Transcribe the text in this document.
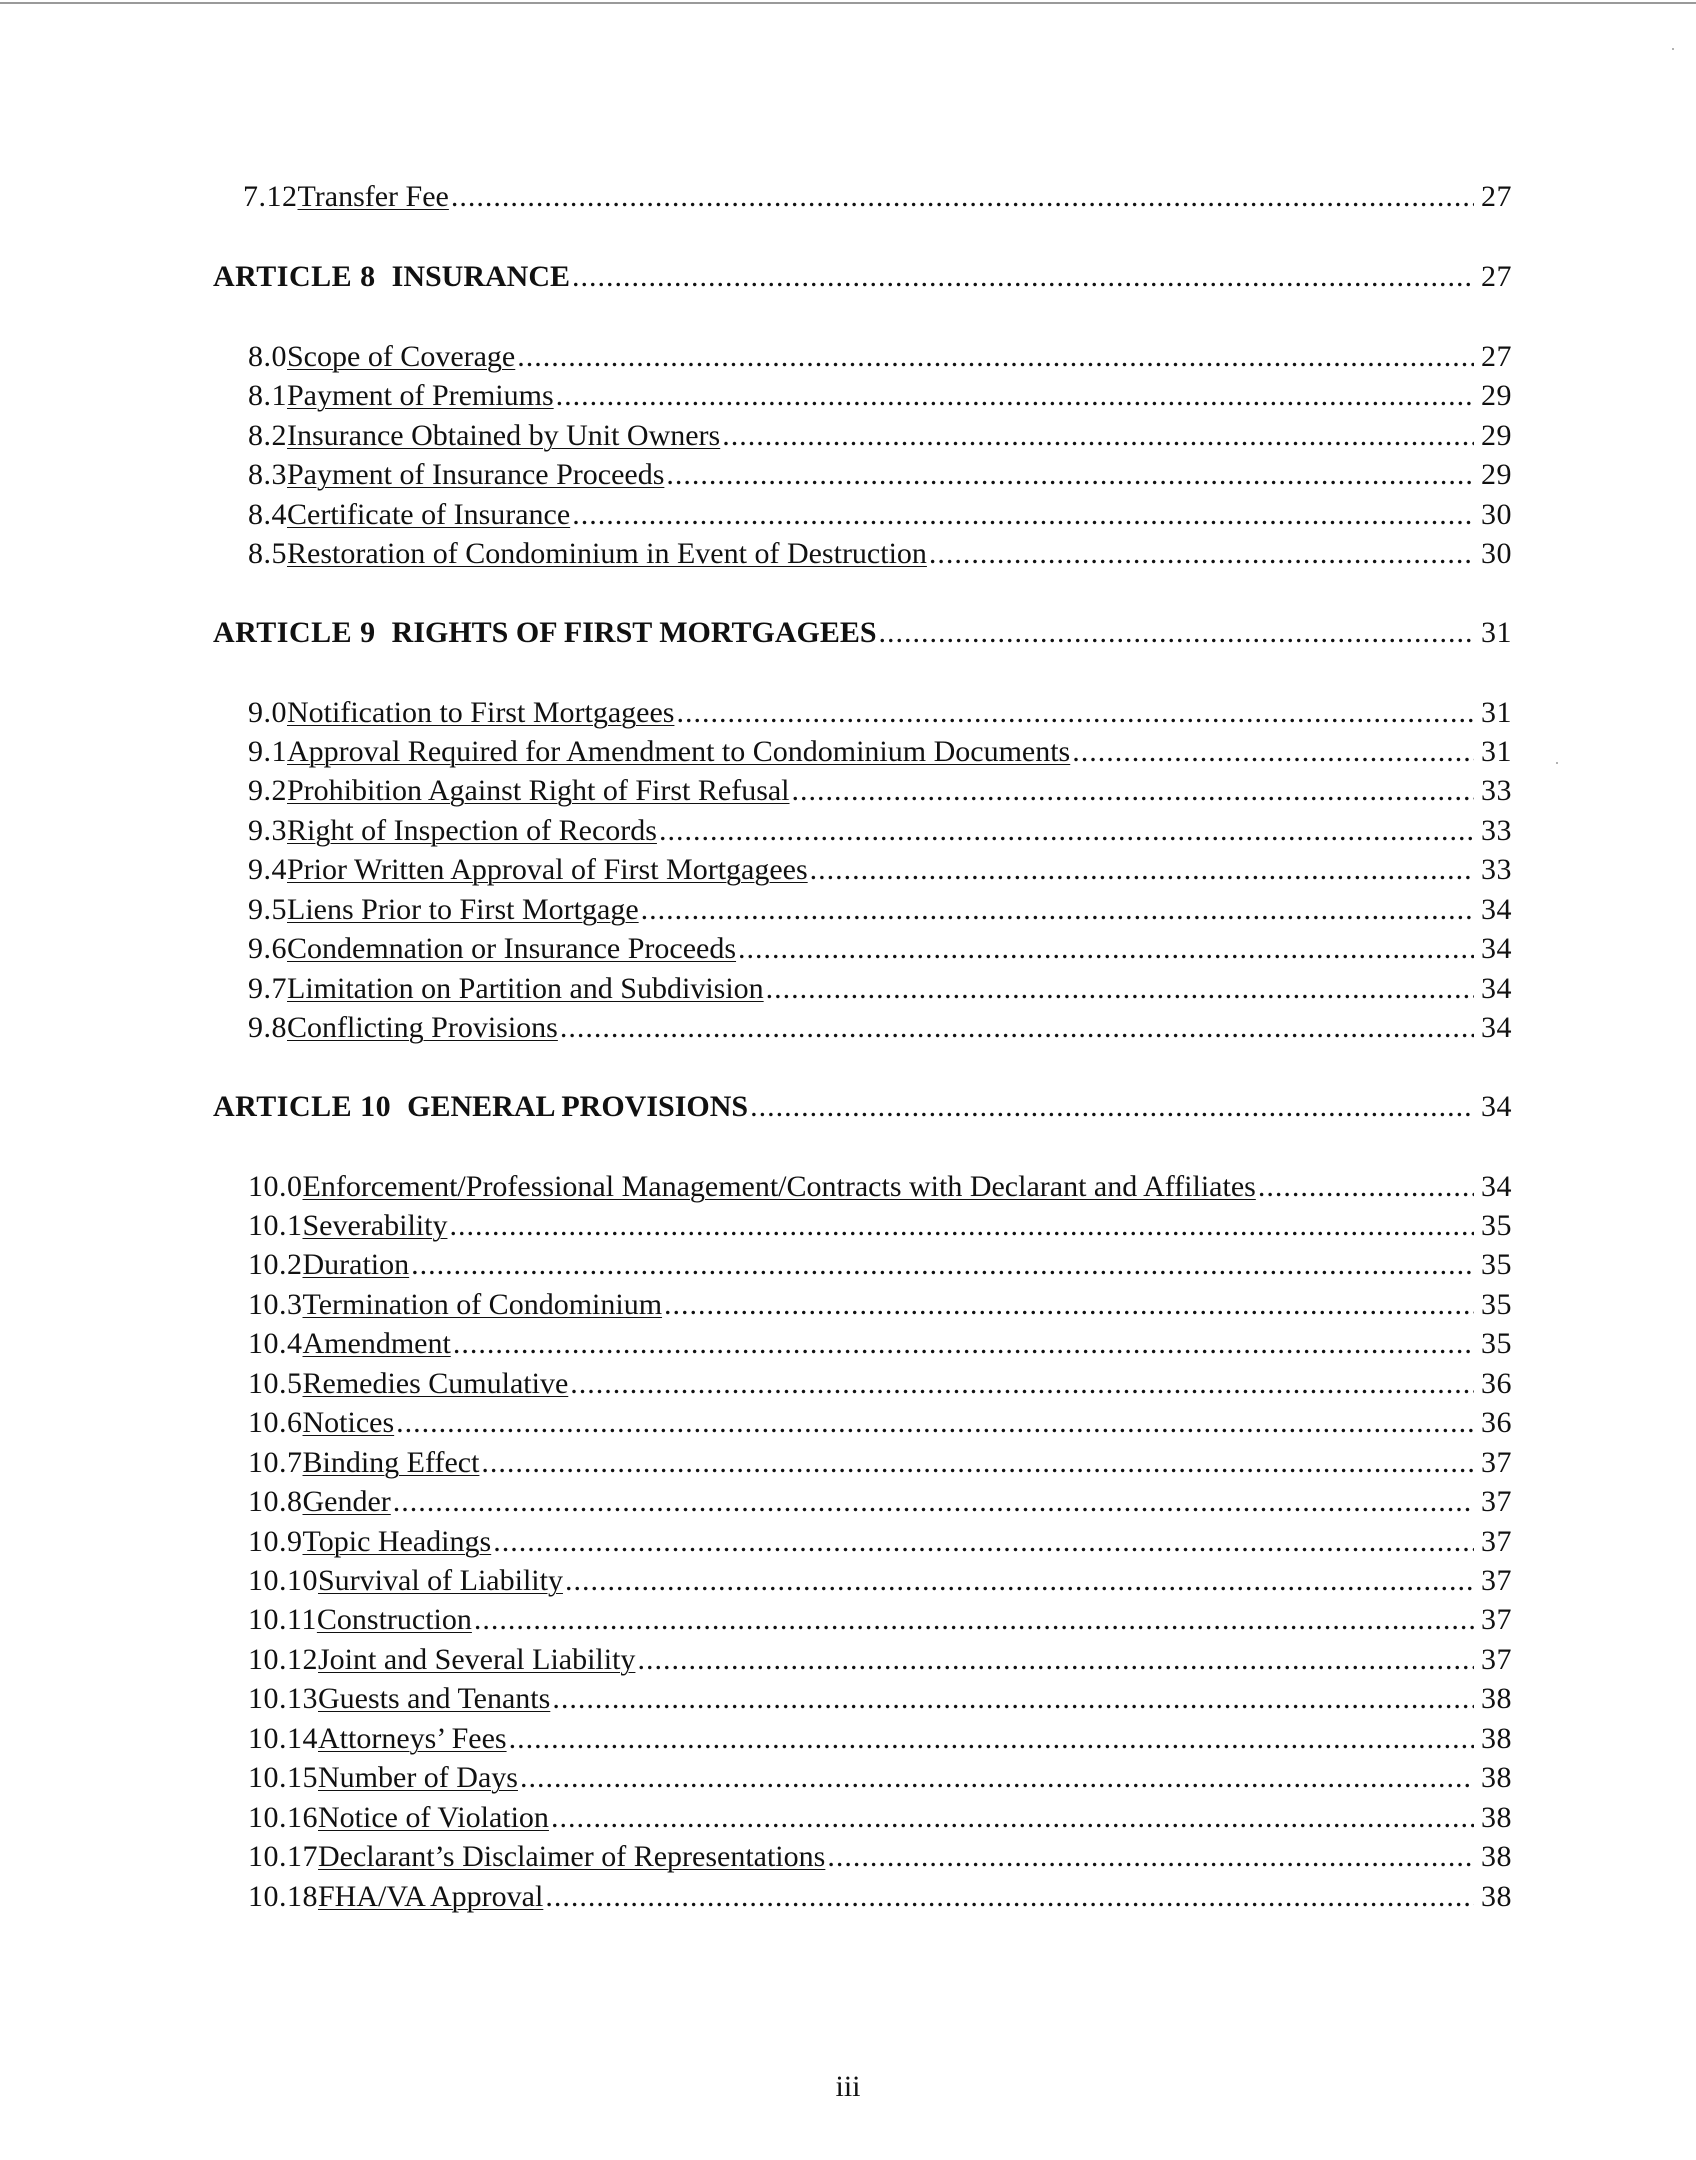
7.12 Transfer Fee .....	27
ARTICLE 8 INSURANCE .....	27
8.0 Scope of Coverage .....	27
8.1 Payment of Premiums .....	29
8.2 Insurance Obtained by Unit Owners .....	29
8.3 Payment of Insurance Proceeds .....	29
8.4 Certificate of Insurance .....	30
8.5 Restoration of Condominium in Event of Destruction .....	30
ARTICLE 9 RIGHTS OF FIRST MORTGAGEES .....	31
9.0 Notification to First Mortgagees .....	31
9.1 Approval Required for Amendment to Condominium Documents .....	31
9.2 Prohibition Against Right of First Refusal .....	33
9.3 Right of Inspection of Records .....	33
9.4 Prior Written Approval of First Mortgagees .....	33
9.5 Liens Prior to First Mortgage .....	34
9.6 Condemnation or Insurance Proceeds .....	34
9.7 Limitation on Partition and Subdivision .....	34
9.8 Conflicting Provisions .....	34
ARTICLE 10 GENERAL PROVISIONS .....	34
10.0 Enforcement/Professional Management/Contracts with Declarant and Affiliates .....	34
10.1 Severability .....	35
10.2 Duration .....	35
10.3 Termination of Condominium .....	35
10.4 Amendment .....	35
10.5 Remedies Cumulative .....	36
10.6 Notices .....	36
10.7 Binding Effect .....	37
10.8 Gender .....	37
10.9 Topic Headings .....	37
10.10 Survival of Liability .....	37
10.11 Construction .....	37
10.12 Joint and Several Liability .....	37
10.13 Guests and Tenants .....	38
10.14 Attorneys’ Fees .....	38
10.15 Number of Days .....	38
10.16 Notice of Violation .....	38
10.17 Declarant’s Disclaimer of Representations .....	38
10.18 FHA/VA Approval .....	38
iii
